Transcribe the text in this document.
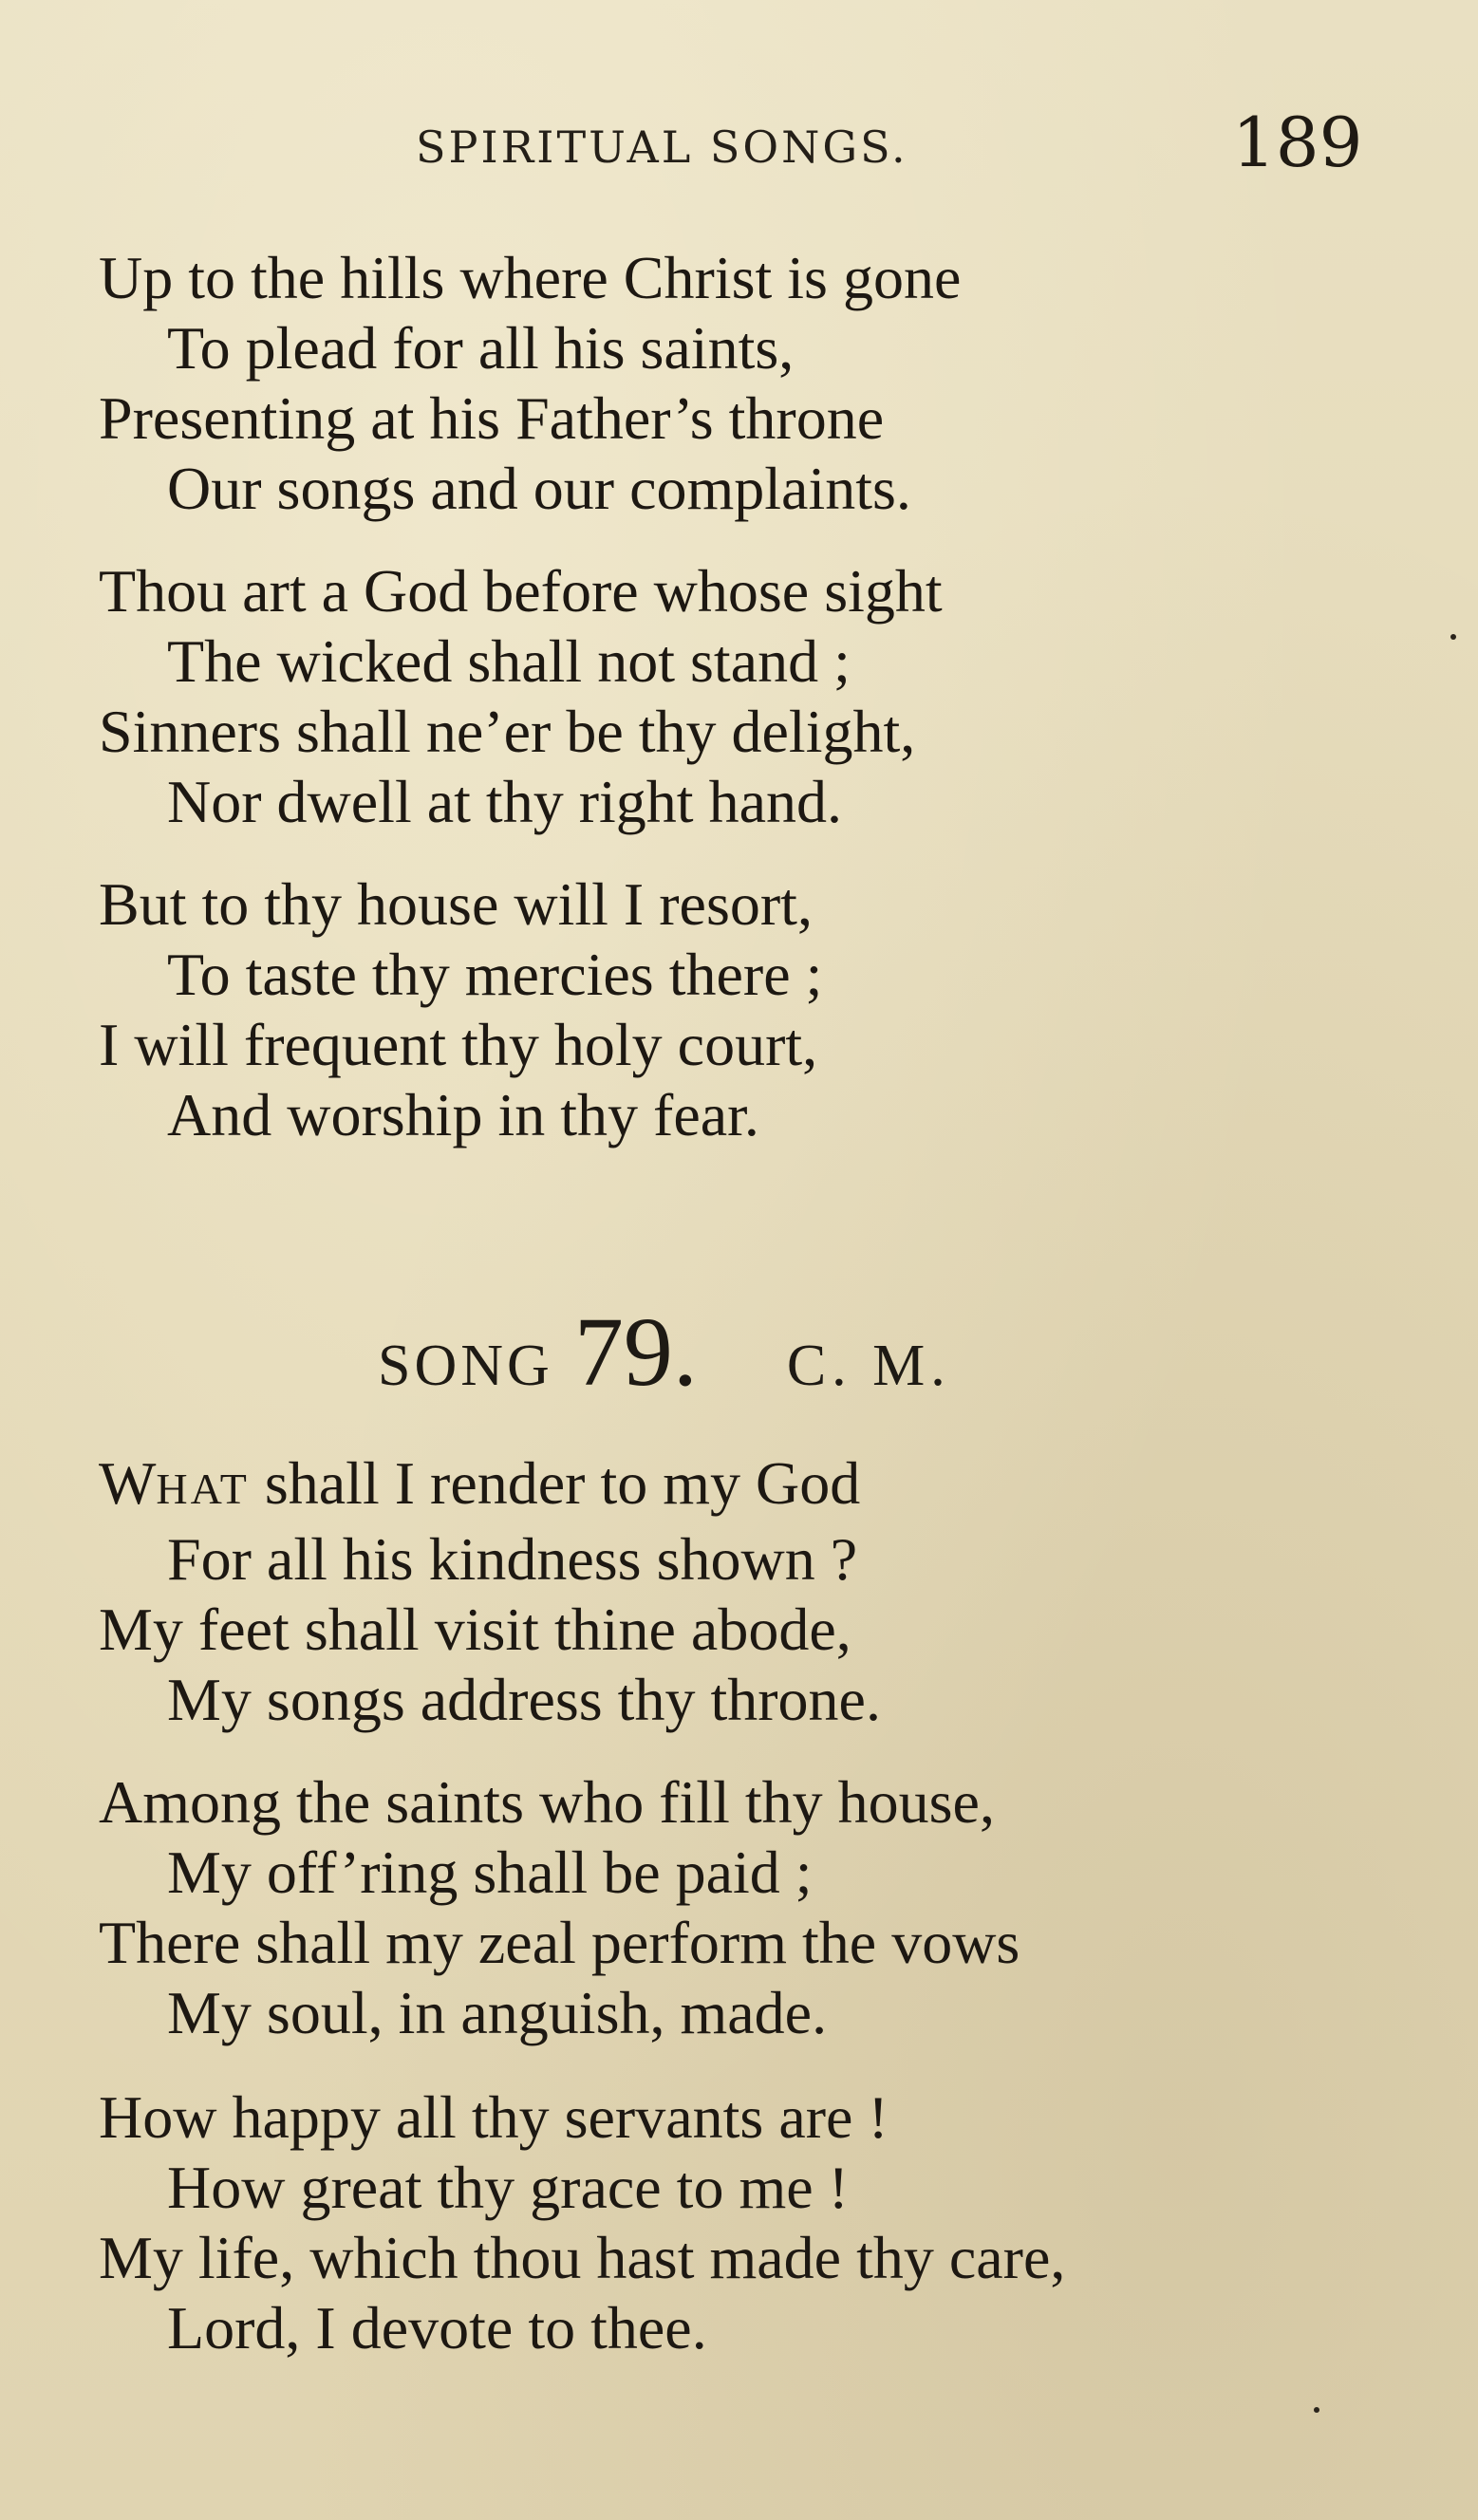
SPIRITUAL SONGS.	189
Up to the hills where Christ is gone
To plead for all his saints,
Presenting at his Father’s throne
Our songs and our complaints.
Thou art a God before whose sight
The wicked shall not stand ;
Sinners shall ne’er be thy delight,
Nor dwell at thy right hand.
But to thy house will I resort,
To taste thy mercies there ;
I will frequent thy holy court,
And worship in thy fear.
SONG 79. C. M.
WHAT shall I render to my God
For all his kindness shown ?
My feet shall visit thine abode,
My songs address thy throne.
Among the saints who fill thy house,
My off’ring shall be paid ;
There shall my zeal perform the vows
My soul, in anguish, made.
How happy all thy servants are !
How great thy grace to me !
My life, which thou hast made thy care,
Lord, I devote to thee.
